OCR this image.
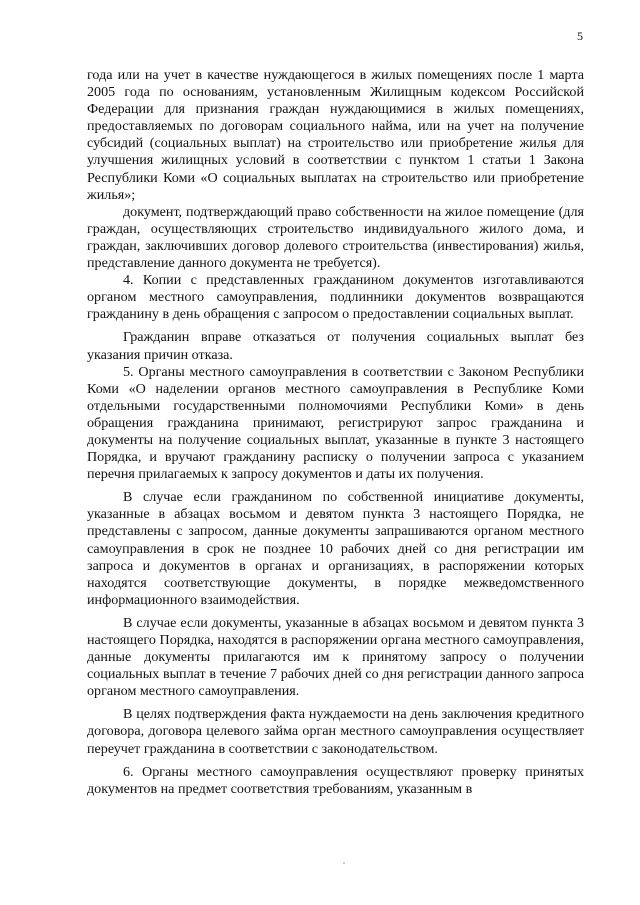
5

года или на учет в качестве нуждающегося в жилых помещениях после 1 марта 2005 года по основаниям, установленным Жилищным кодексом Российской Федерации для признания граждан нуждающимися в жилых помещениях, предоставляемых по договорам социального найма, или на учет на получение субсидий (социальных выплат) на строительство или приобретение жилья для улучшения жилищных условий в соответствии с пунктом 1 статьи 1 Закона Республики Коми «О социальных выплатах на строительство или приобретение жилья»;

документ, подтверждающий право собственности на жилое помещение (для граждан, осуществляющих строительство индивидуального жилого дома, и граждан, заключивших договор долевого строительства (инвестирования) жилья, представление данного документа не требуется).

4. Копии с представленных гражданином документов изготавливаются органом местного самоуправления, подлинники документов возвращаются гражданину в день обращения с запросом о предоставлении социальных выплат.

Гражданин вправе отказаться от получения социальных выплат без указания причин отказа.

5. Органы местного самоуправления в соответствии с Законом Республики Коми «О наделении органов местного самоуправления в Республике Коми отдельными государственными полномочиями Республики Коми» в день обращения гражданина принимают, регистрируют запрос гражданина и документы на получение социальных выплат, указанные в пункте 3 настоящего Порядка, и вручают гражданину расписку о получении запроса с указанием перечня прилагаемых к запросу документов и даты их получения.

В случае если гражданином по собственной инициативе документы, указанные в абзацах восьмом и девятом пункта 3 настоящего Порядка, не представлены с запросом, данные документы запрашиваются органом местного самоуправления в срок не позднее 10 рабочих дней со дня регистрации им запроса и документов в органах и организациях, в распоряжении которых находятся соответствующие документы, в порядке межведомственного информационного взаимодействия.

В случае если документы, указанные в абзацах восьмом и девятом пункта 3 настоящего Порядка, находятся в распоряжении органа местного самоуправления, данные документы прилагаются им к принятому запросу о получении социальных выплат в течение 7 рабочих дней со дня регистрации данного запроса органом местного самоуправления.

В целях подтверждения факта нуждаемости на день заключения кредитного договора, договора целевого займа орган местного самоуправления осуществляет переучет гражданина в соответствии с законодательством.

6. Органы местного самоуправления осуществляют проверку принятых документов на предмет соответствия требованиям, указанным в
